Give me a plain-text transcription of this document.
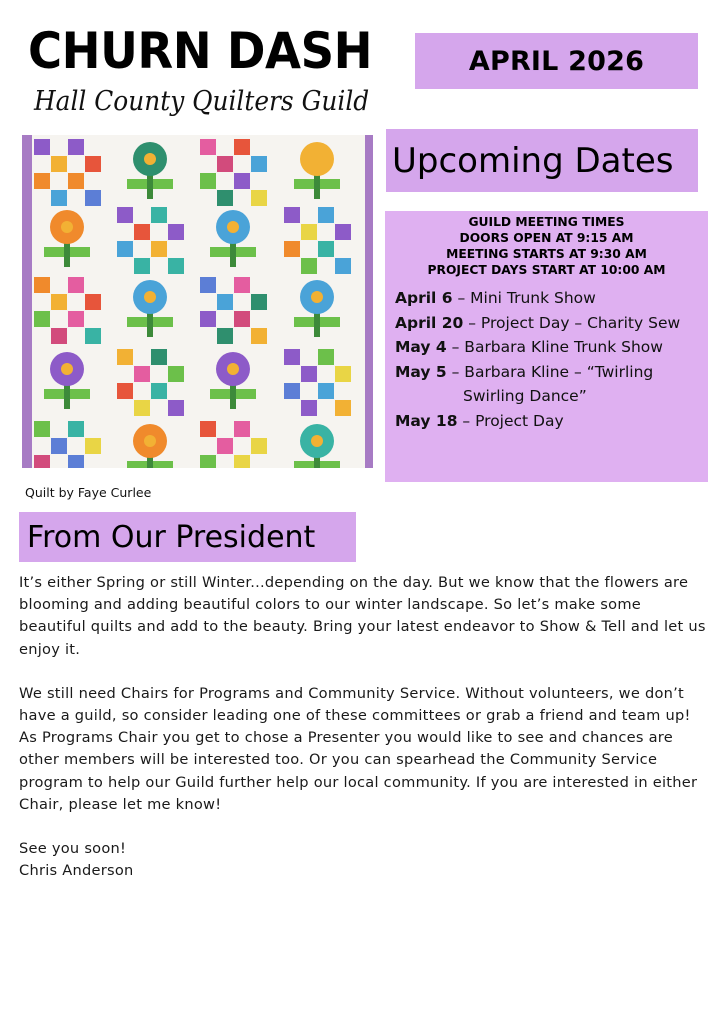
CHURN DASH
Hall County Quilters Guild
APRIL 2026
Quilt by Faye Curlee
Upcoming Dates
GUILD MEETING TIMES
DOORS OPEN AT 9:15 AM
MEETING STARTS AT 9:30 AM
PROJECT DAYS START AT 10:00 AM
April 6 – Mini Trunk Show
April 20 – Project Day – Charity Sew
May 4 – Barbara Kline Trunk Show
May 5 – Barbara Kline – “Twirling
Swirling Dance”
May 18 – Project Day
From Our President

It’s either Spring or still Winter...depending on the day. But we know that the flowers are blooming and adding beautiful colors to our winter landscape. So let’s make some beautiful quilts and add to the beauty. Bring your latest endeavor to Show & Tell and let us enjoy it.

We still need Chairs for Programs and Community Service. Without volunteers, we don’t have a guild, so consider leading one of these committees or grab a friend and team up! As Programs Chair you get to chose a Presenter you would like to see and chances are other members will be interested too. Or you can spearhead the Community Service program to help our Guild further help our local community. If you are interested in either Chair, please let me know!

See you soon!

Chris Anderson
